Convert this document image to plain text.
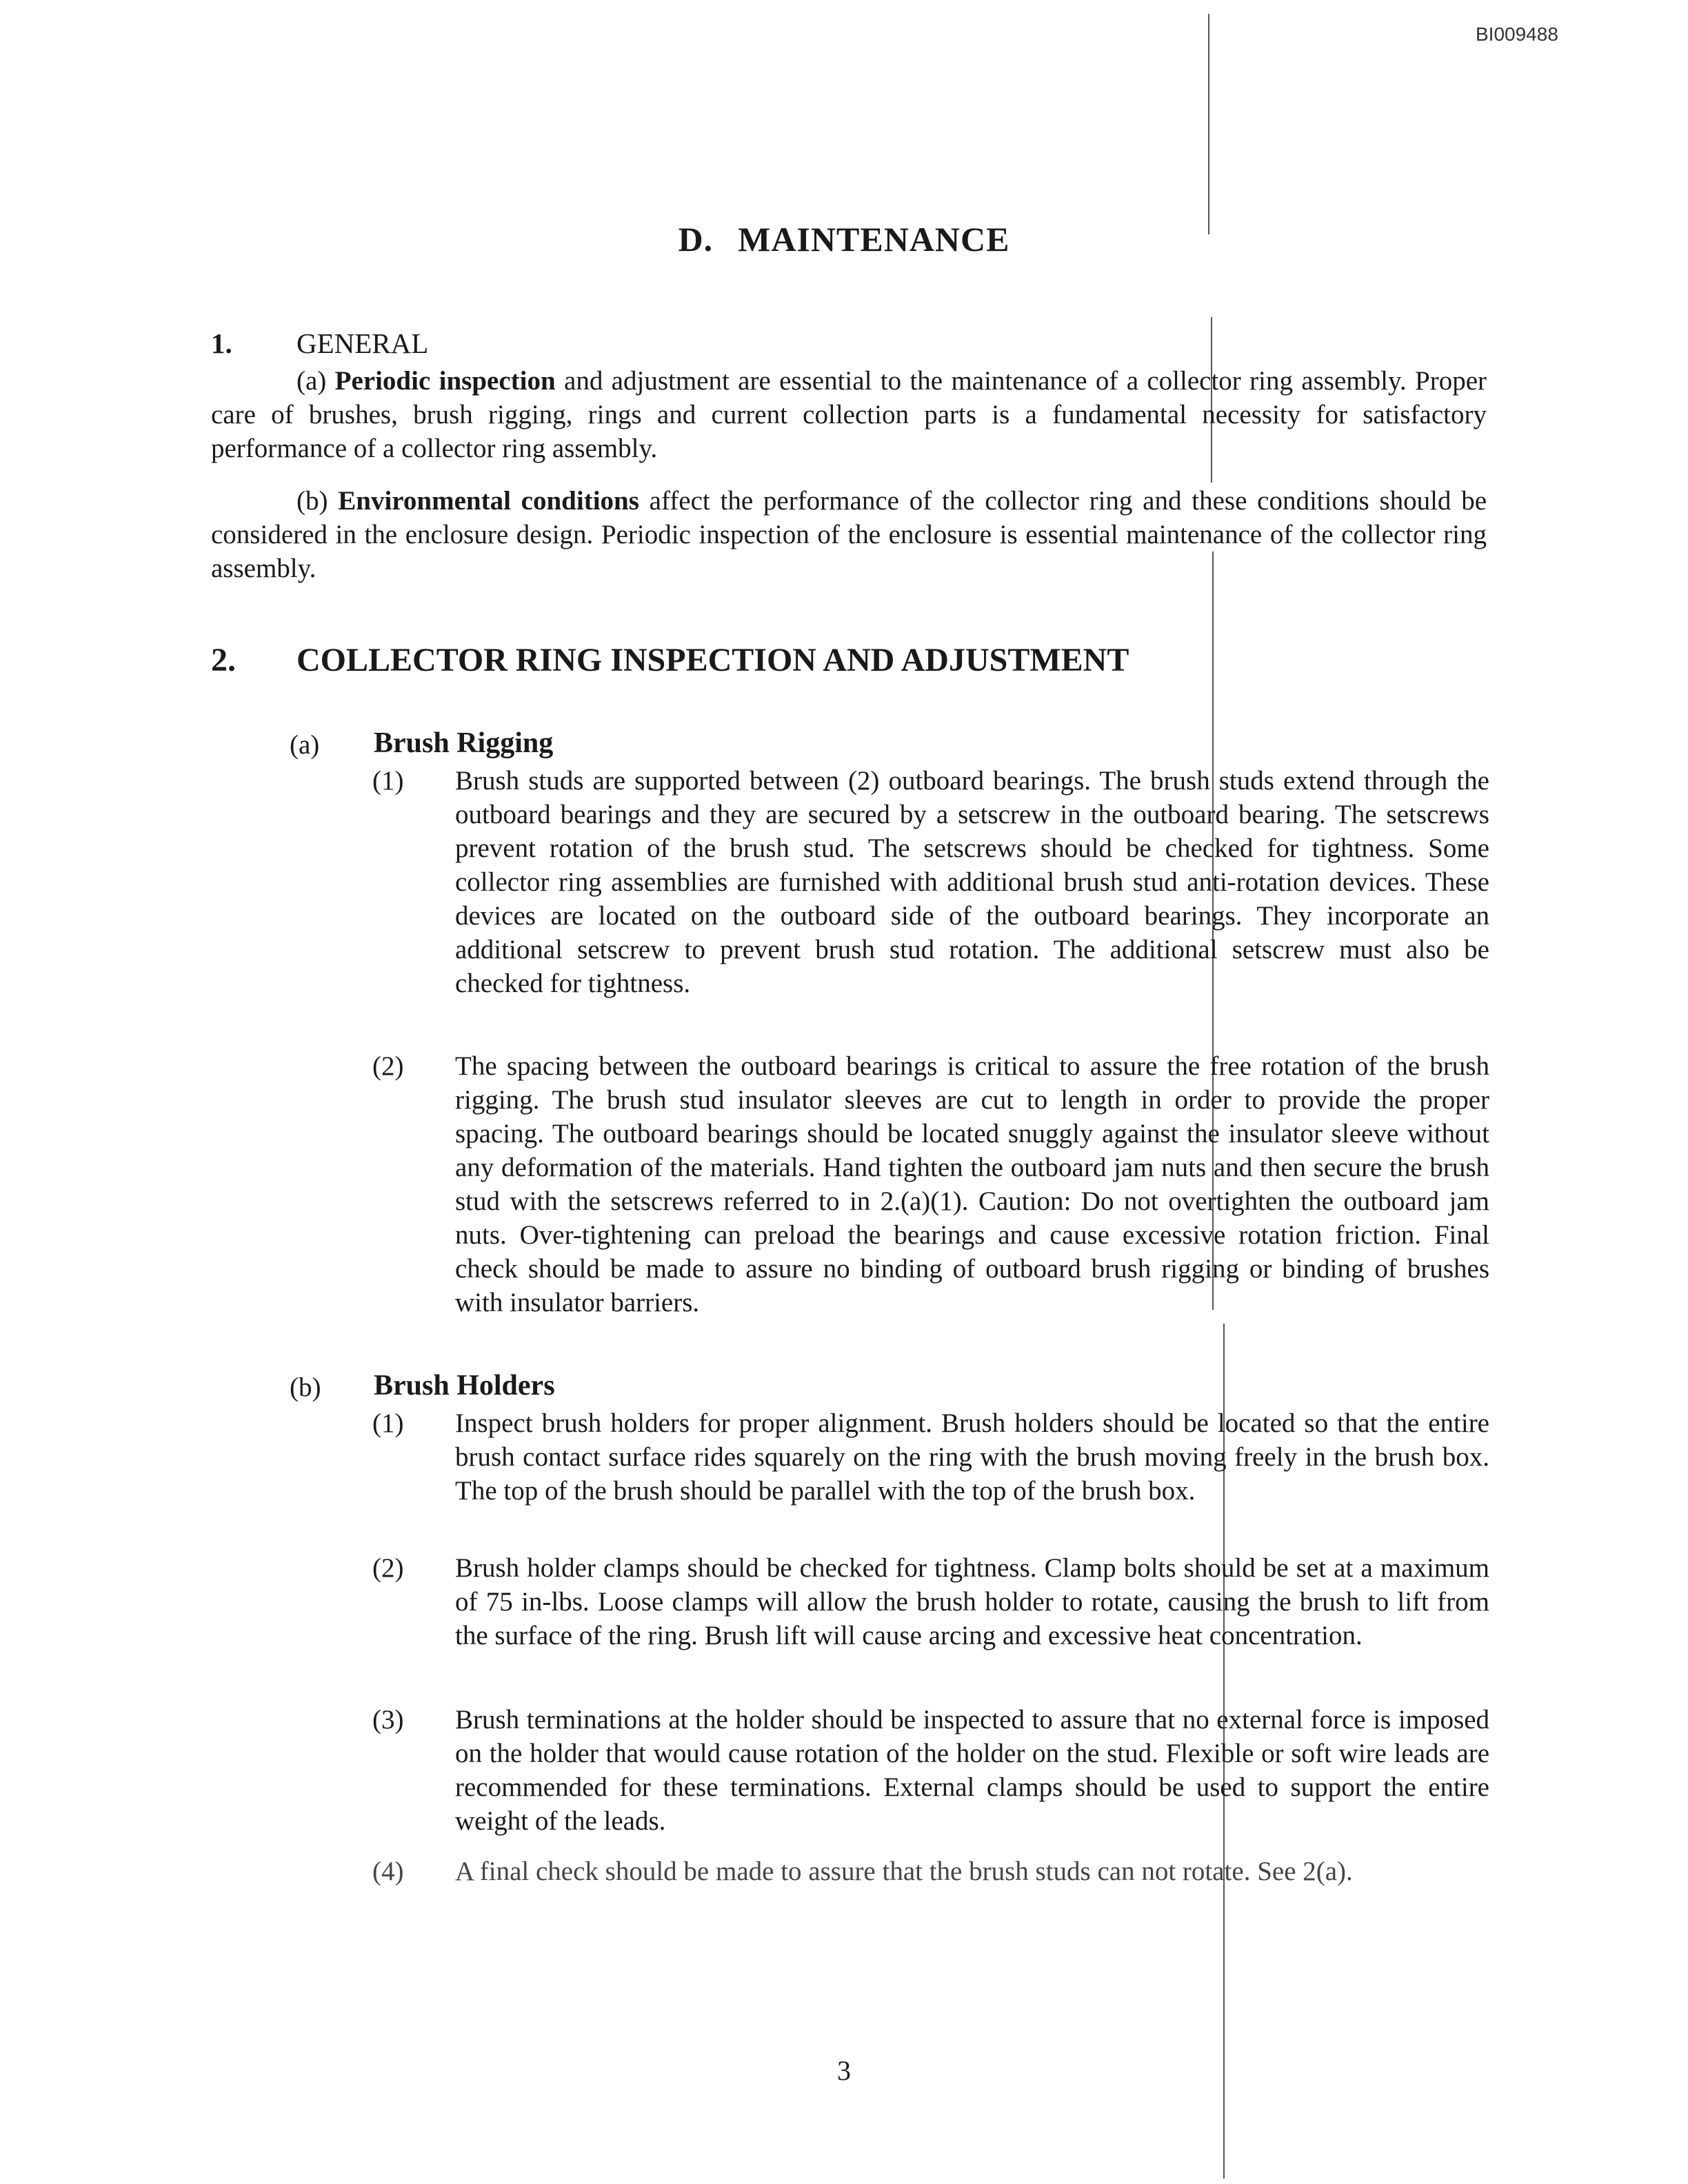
BI009488
D. MAINTENANCE
1. GENERAL
(a) Periodic inspection and adjustment are essential to the maintenance of a collector ring assembly. Proper care of brushes, brush rigging, rings and current collection parts is a fundamental necessity for satisfactory performance of a collector ring assembly.
(b) Environmental conditions affect the performance of the collector ring and these conditions should be considered in the enclosure design. Periodic inspection of the enclosure is essential maintenance of the collector ring assembly.
2. COLLECTOR RING INSPECTION AND ADJUSTMENT
(a) Brush Rigging
(1)	Brush studs are supported between (2) outboard bearings. The brush studs extend through the outboard bearings and they are secured by a setscrew in the outboard bearing. The setscrews prevent rotation of the brush stud. The setscrews should be checked for tightness. Some collector ring assemblies are furnished with additional brush stud anti-rotation devices. These devices are located on the outboard side of the outboard bearings. They incorporate an additional setscrew to prevent brush stud rotation. The additional setscrew must also be checked for tightness.
(2)	The spacing between the outboard bearings is critical to assure the free rotation of the brush rigging. The brush stud insulator sleeves are cut to length in order to provide the proper spacing. The outboard bearings should be located snuggly against the insulator sleeve without any deformation of the materials. Hand tighten the outboard jam nuts and then secure the brush stud with the setscrews referred to in 2.(a)(1). Caution: Do not overtighten the outboard jam nuts. Over-tightening can preload the bearings and cause excessive rotation friction. Final check should be made to assure no binding of outboard brush rigging or binding of brushes with insulator barriers.
(b) Brush Holders
(1)	Inspect brush holders for proper alignment. Brush holders should be located so that the entire brush contact surface rides squarely on the ring with the brush moving freely in the brush box. The top of the brush should be parallel with the top of the brush box.
(2)	Brush holder clamps should be checked for tightness. Clamp bolts should be set at a maximum of 75 in-lbs. Loose clamps will allow the brush holder to rotate, causing the brush to lift from the surface of the ring. Brush lift will cause arcing and excessive heat concentration.
(3)	Brush terminations at the holder should be inspected to assure that no external force is imposed on the holder that would cause rotation of the holder on the stud. Flexible or soft wire leads are recommended for these terminations. External clamps should be used to support the entire weight of the leads.
(4)	A final check should be made to assure that the brush studs can not rotate. See 2(a).
3
